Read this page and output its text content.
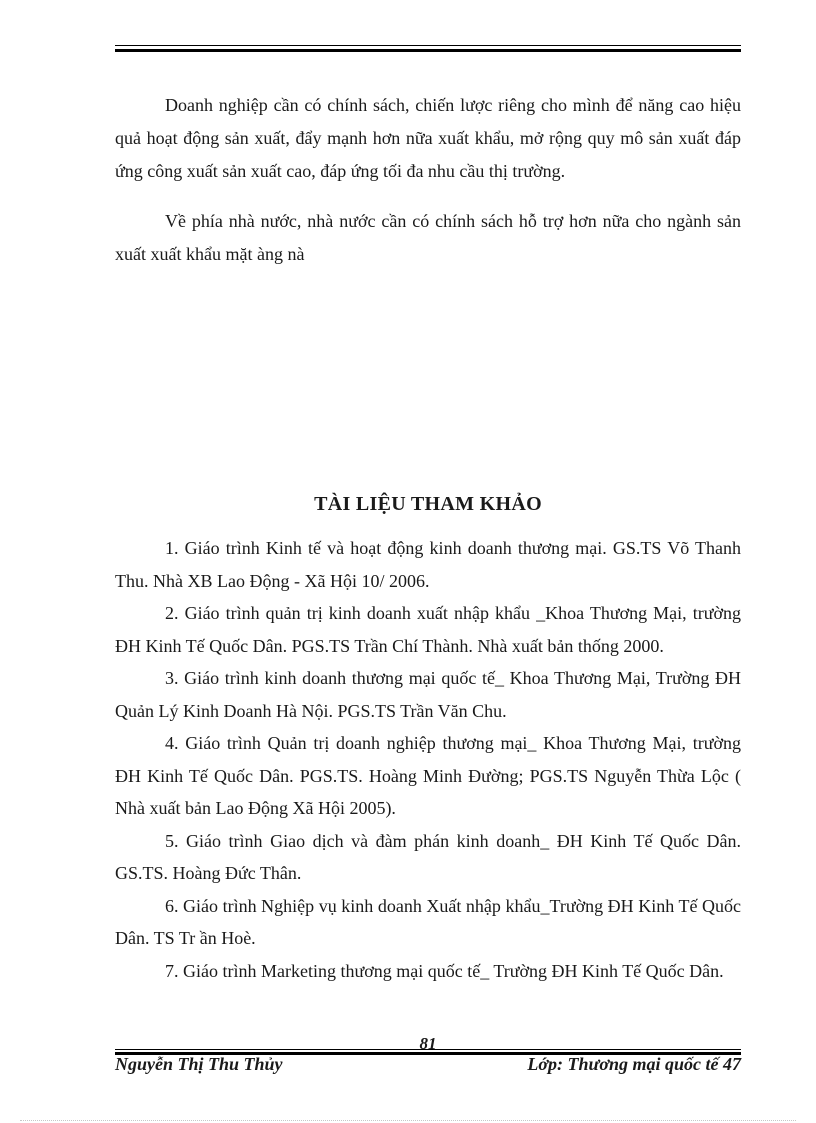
Doanh nghiệp cần có chính sách, chiến lược riêng cho mình để năng cao hiệu quả hoạt động sản xuất, đẩy mạnh hơn nữa xuất khẩu, mở rộng quy mô sản xuất đáp ứng công xuất sản xuất cao, đáp ứng tối đa nhu cầu thị trường.

Về phía nhà nước, nhà nước cần có chính sách hỗ trợ hơn nữa cho ngành sản xuất xuất khẩu mặt àng nà

TÀI LIỆU THAM KHẢO
1. Giáo trình Kinh tế và hoạt động kinh doanh thương mại. GS.TS Võ Thanh Thu. Nhà XB Lao Động - Xã Hội 10/ 2006.
2. Giáo trình quản trị kinh doanh xuất nhập khẩu _Khoa Thương Mại, trường ĐH Kinh Tế Quốc Dân. PGS.TS Trần Chí Thành. Nhà xuất bản thống 2000.
3. Giáo trình kinh doanh thương mại quốc tế_ Khoa Thương Mại, Trường ĐH Quản Lý Kinh Doanh Hà Nội. PGS.TS Trần Văn Chu.
4. Giáo trình Quản trị doanh nghiệp thương mại_ Khoa Thương Mại, trường ĐH Kinh Tế Quốc Dân. PGS.TS. Hoàng Minh Đường; PGS.TS Nguyễn Thừa Lộc ( Nhà xuất bản Lao Động Xã Hội 2005).
5. Giáo trình Giao dịch và đàm phán kinh doanh_ ĐH Kinh Tế Quốc Dân. GS.TS. Hoàng Đức Thân.
6. Giáo trình Nghiệp vụ kinh doanh Xuất nhập khẩu_Trường ĐH Kinh Tế Quốc Dân. TS Tr ần Hoè.
7. Giáo trình Marketing thương mại quốc tế_ Trường ĐH Kinh Tế Quốc Dân.
81
Nguyễn Thị Thu Thủy	Lớp: Thương mại quốc tế 47
